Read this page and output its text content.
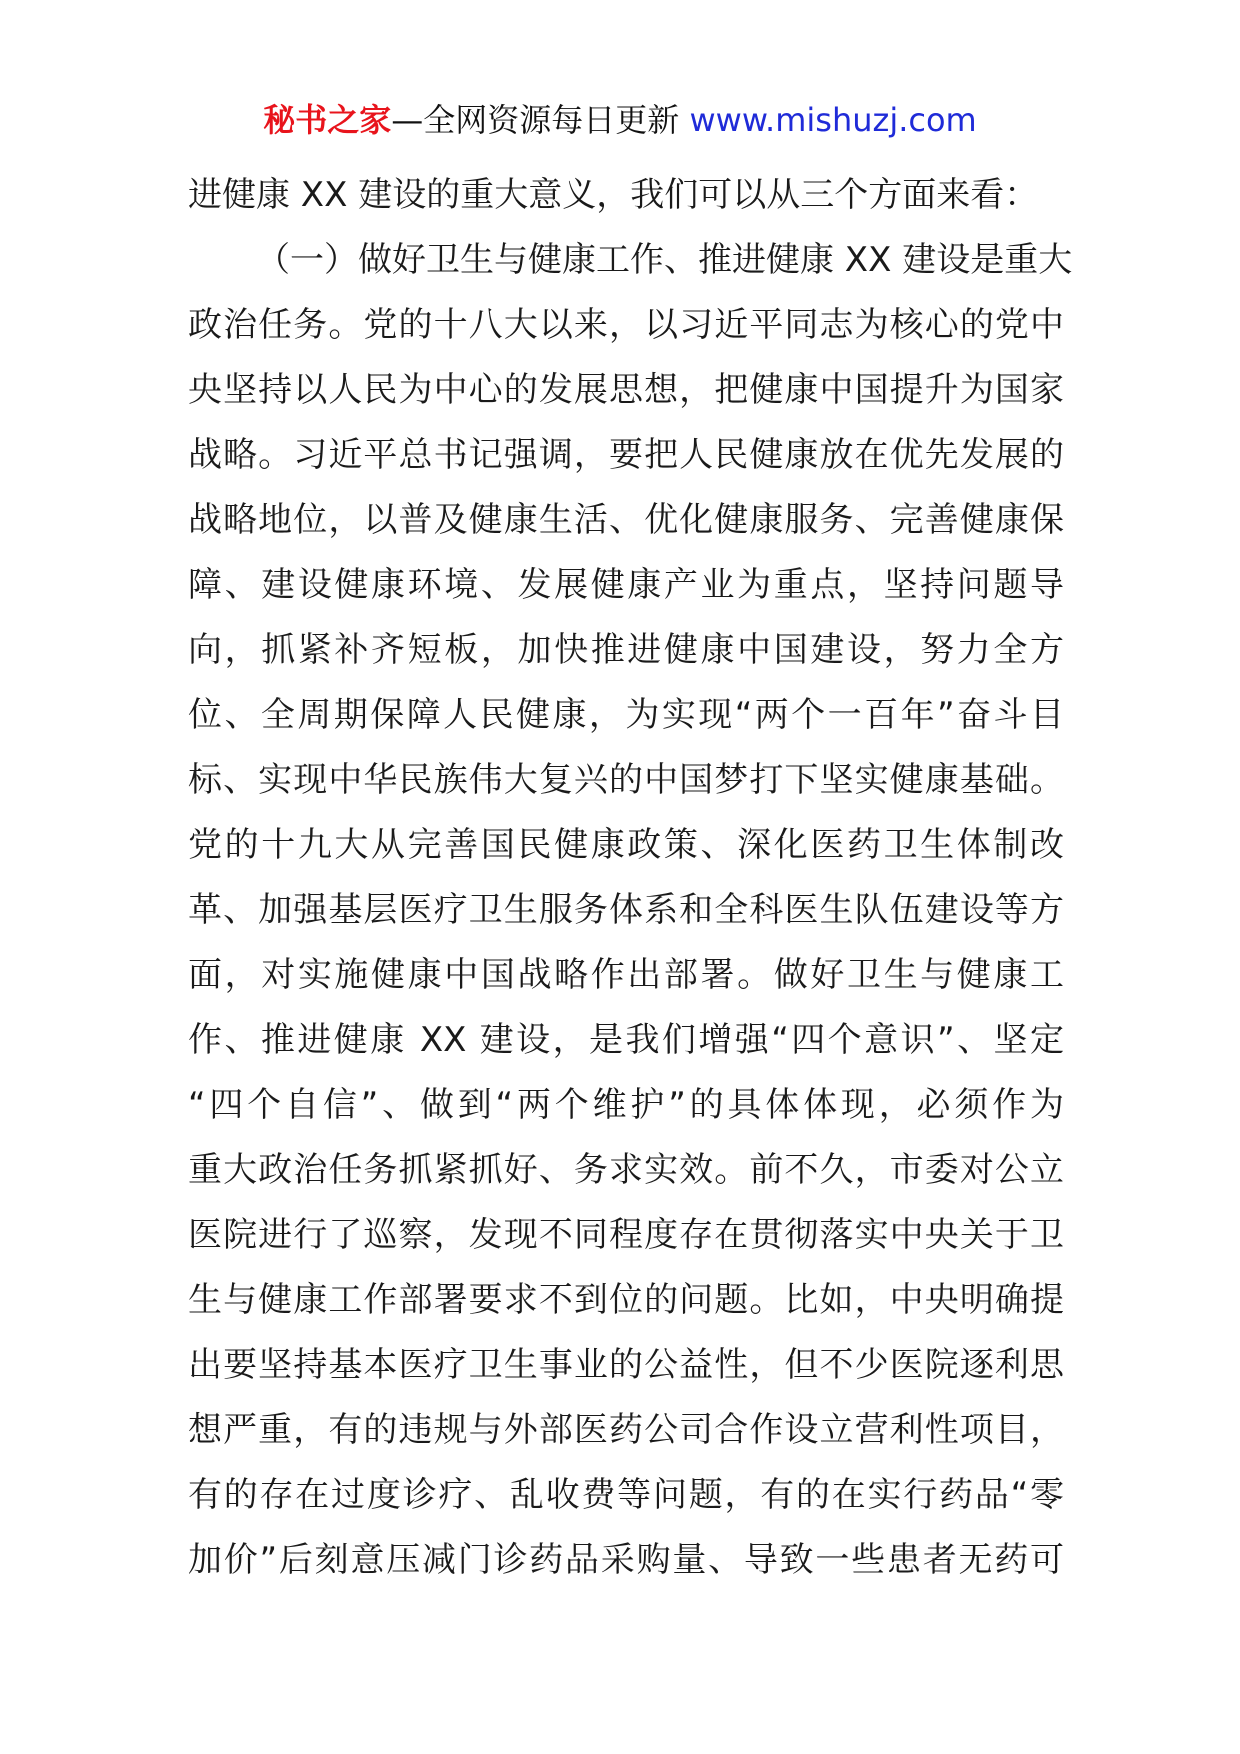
秘书之家—全网资源每日更新 www.mishuzj.com
进健康 XX 建设的重大意义，我们可以从三个方面来看：
（一）做好卫生与健康工作、推进健康 XX 建设是重大
政治任务。党的十八大以来，以习近平同志为核心的党中
央坚持以人民为中心的发展思想，把健康中国提升为国家
战略。习近平总书记强调，要把人民健康放在优先发展的
战略地位，以普及健康生活、优化健康服务、完善健康保
障、建设健康环境、发展健康产业为重点，坚持问题导
向，抓紧补齐短板，加快推进健康中国建设，努力全方
位、全周期保障人民健康，为实现“两个一百年”奋斗目
标、实现中华民族伟大复兴的中国梦打下坚实健康基础。
党的十九大从完善国民健康政策、深化医药卫生体制改
革、加强基层医疗卫生服务体系和全科医生队伍建设等方
面，对实施健康中国战略作出部署。做好卫生与健康工
作、推进健康 XX 建设，是我们增强“四个意识”、坚定
“四个自信”、做到“两个维护”的具体体现，必须作为
重大政治任务抓紧抓好、务求实效。前不久，市委对公立
医院进行了巡察，发现不同程度存在贯彻落实中央关于卫
生与健康工作部署要求不到位的问题。比如，中央明确提
出要坚持基本医疗卫生事业的公益性，但不少医院逐利思
想严重，有的违规与外部医药公司合作设立营利性项目，
有的存在过度诊疗、乱收费等问题，有的在实行药品“零
加价”后刻意压减门诊药品采购量、导致一些患者无药可
